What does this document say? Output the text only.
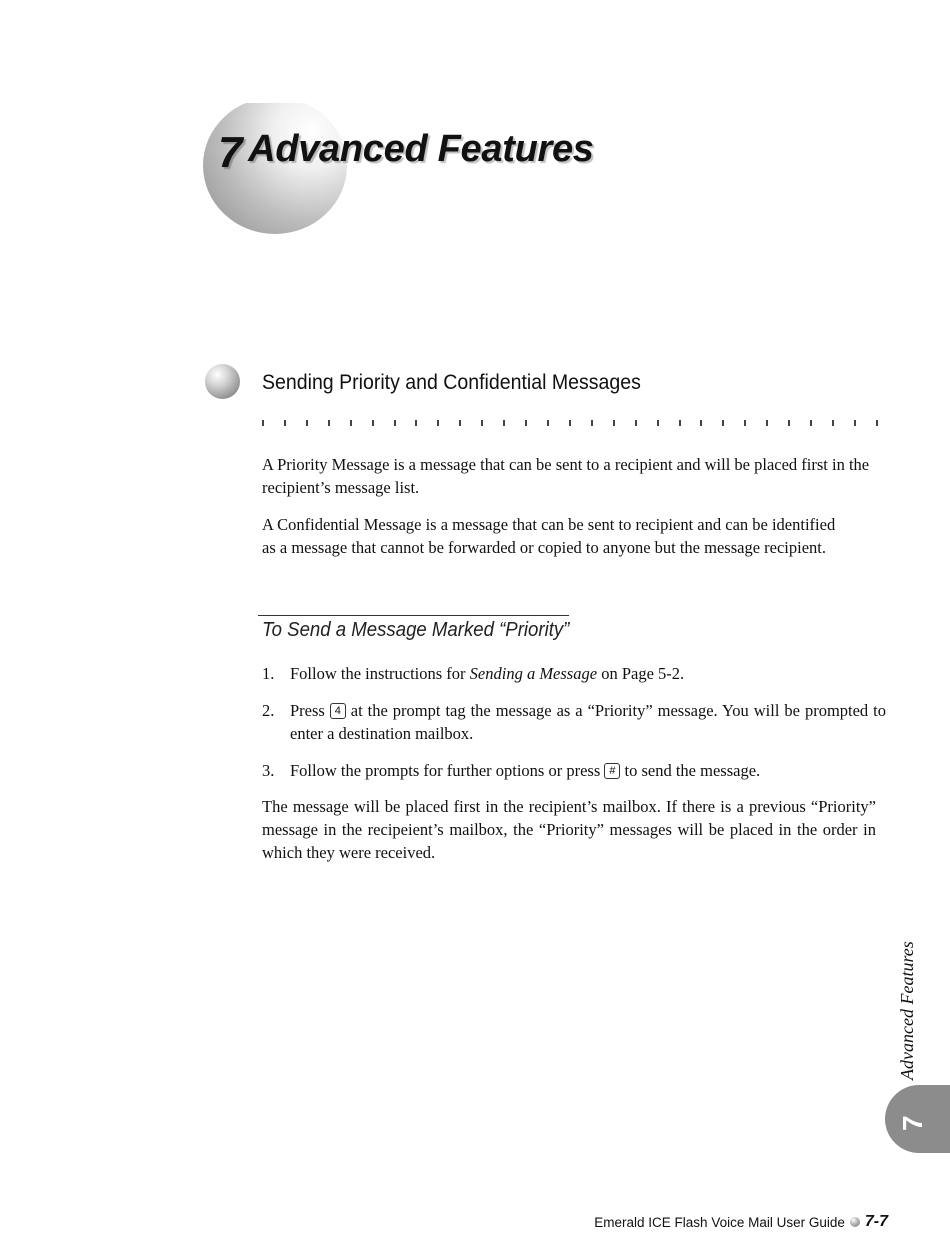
7 Advanced Features
Sending Priority and Confidential Messages

A Priority Message is a message that can be sent to a recipient and will be placed first in the recipient’s message list.

A Confidential Message is a message that can be sent to recipient and can be identified as a message that cannot be forwarded or copied to anyone but the message recipient.

To Send a Message Marked “Priority”
1. Follow the instructions for Sending a Message on Page 5-2.
2. Press 4 at the prompt tag the message as a “Priority” message. You will be prompted to enter a destination mailbox.
3. Follow the prompts for further options or press # to send the message.

The message will be placed first in the recipient’s mailbox. If there is a previous “Priority” message in the recipeient’s mailbox, the “Priority” messages will be placed in the order in which they were received.

Advanced Features
7
Emerald ICE Flash Voice Mail User Guide 7-7
